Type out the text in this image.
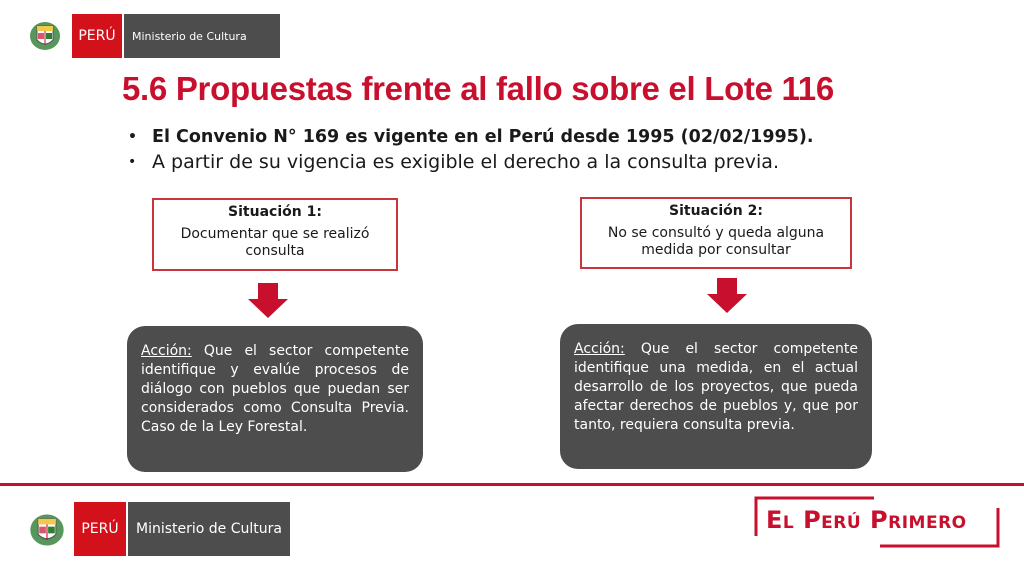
PERÚ Ministerio de Cultura
5.6 Propuestas frente al fallo sobre el Lote 116
• El Convenio N° 169 es vigente en el Perú desde 1995 (02/02/1995).
• A partir de su vigencia es exigible el derecho a la consulta previa.
Situación 1:
Documentar que se realizó consulta
Acción: Que el sector competente identifique y evalúe procesos de diálogo con pueblos que puedan ser considerados como Consulta Previa. Caso de la Ley Forestal.
Situación 2:
No se consultó y queda alguna medida por consultar
Acción: Que el sector competente identifique una medida, en el actual desarrollo de los proyectos, que pueda afectar derechos de pueblos y, que por tanto, requiera consulta previa.
PERÚ Ministerio de Cultura	El Perú Primero
